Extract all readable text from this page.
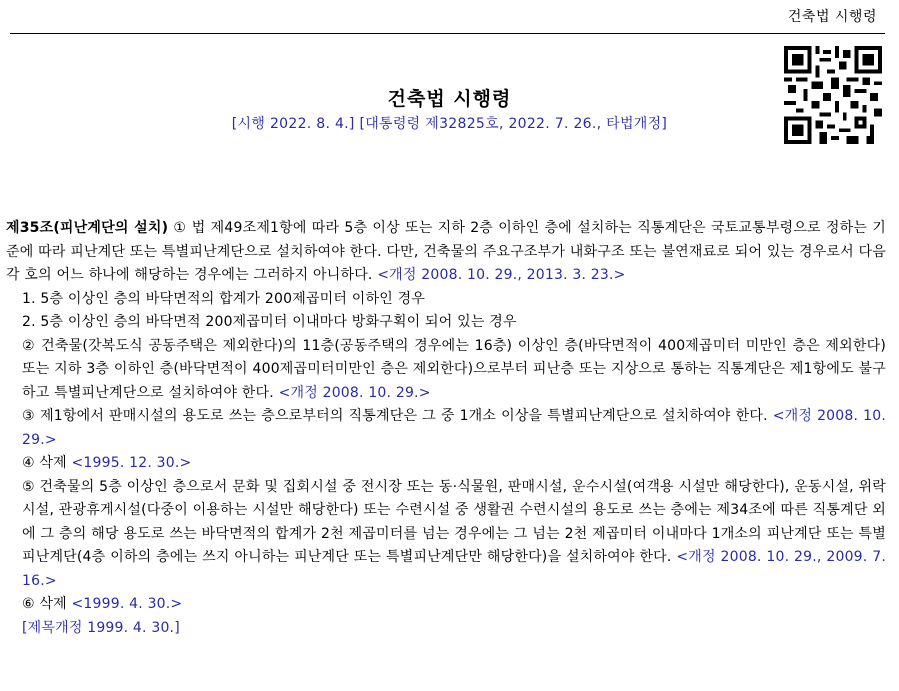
건축법 시행령
건축법 시행령
[시행 2022. 8. 4.] [대통령령 제32825호, 2022. 7. 26., 타법개정]

제35조(피난계단의 설치) ① 법 제49조제1항에 따라 5층 이상 또는 지하 2층 이하인 층에 설치하는 직통계단은 국토교통부령으로 정하는 기준에 따라 피난계단 또는 특별피난계단으로 설치하여야 한다. 다만, 건축물의 주요구조부가 내화구조 또는 불연재료로 되어 있는 경우로서 다음 각 호의 어느 하나에 해당하는 경우에는 그러하지 아니하다. <개정 2008. 10. 29., 2013. 3. 23.>

1. 5층 이상인 층의 바닥면적의 합계가 200제곱미터 이하인 경우

2. 5층 이상인 층의 바닥면적 200제곱미터 이내마다 방화구획이 되어 있는 경우

② 건축물(갓복도식 공동주택은 제외한다)의 11층(공동주택의 경우에는 16층) 이상인 층(바닥면적이 400제곱미터 미만인 층은 제외한다) 또는 지하 3층 이하인 층(바닥면적이 400제곱미터미만인 층은 제외한다)으로부터 피난층 또는 지상으로 통하는 직통계단은 제1항에도 불구하고 특별피난계단으로 설치하여야 한다. <개정 2008. 10. 29.>

③ 제1항에서 판매시설의 용도로 쓰는 층으로부터의 직통계단은 그 중 1개소 이상을 특별피난계단으로 설치하여야 한다. <개정 2008. 10. 29.>

④ 삭제 <1995. 12. 30.>

⑤ 건축물의 5층 이상인 층으로서 문화 및 집회시설 중 전시장 또는 동·식물원, 판매시설, 운수시설(여객용 시설만 해당한다), 운동시설, 위락시설, 관광휴게시설(다중이 이용하는 시설만 해당한다) 또는 수련시설 중 생활권 수련시설의 용도로 쓰는 층에는 제34조에 따른 직통계단 외에 그 층의 해당 용도로 쓰는 바닥면적의 합계가 2천 제곱미터를 넘는 경우에는 그 넘는 2천 제곱미터 이내마다 1개소의 피난계단 또는 특별피난계단(4층 이하의 층에는 쓰지 아니하는 피난계단 또는 특별피난계단만 해당한다)을 설치하여야 한다. <개정 2008. 10. 29., 2009. 7. 16.>

⑥ 삭제 <1999. 4. 30.>

[제목개정 1999. 4. 30.]
